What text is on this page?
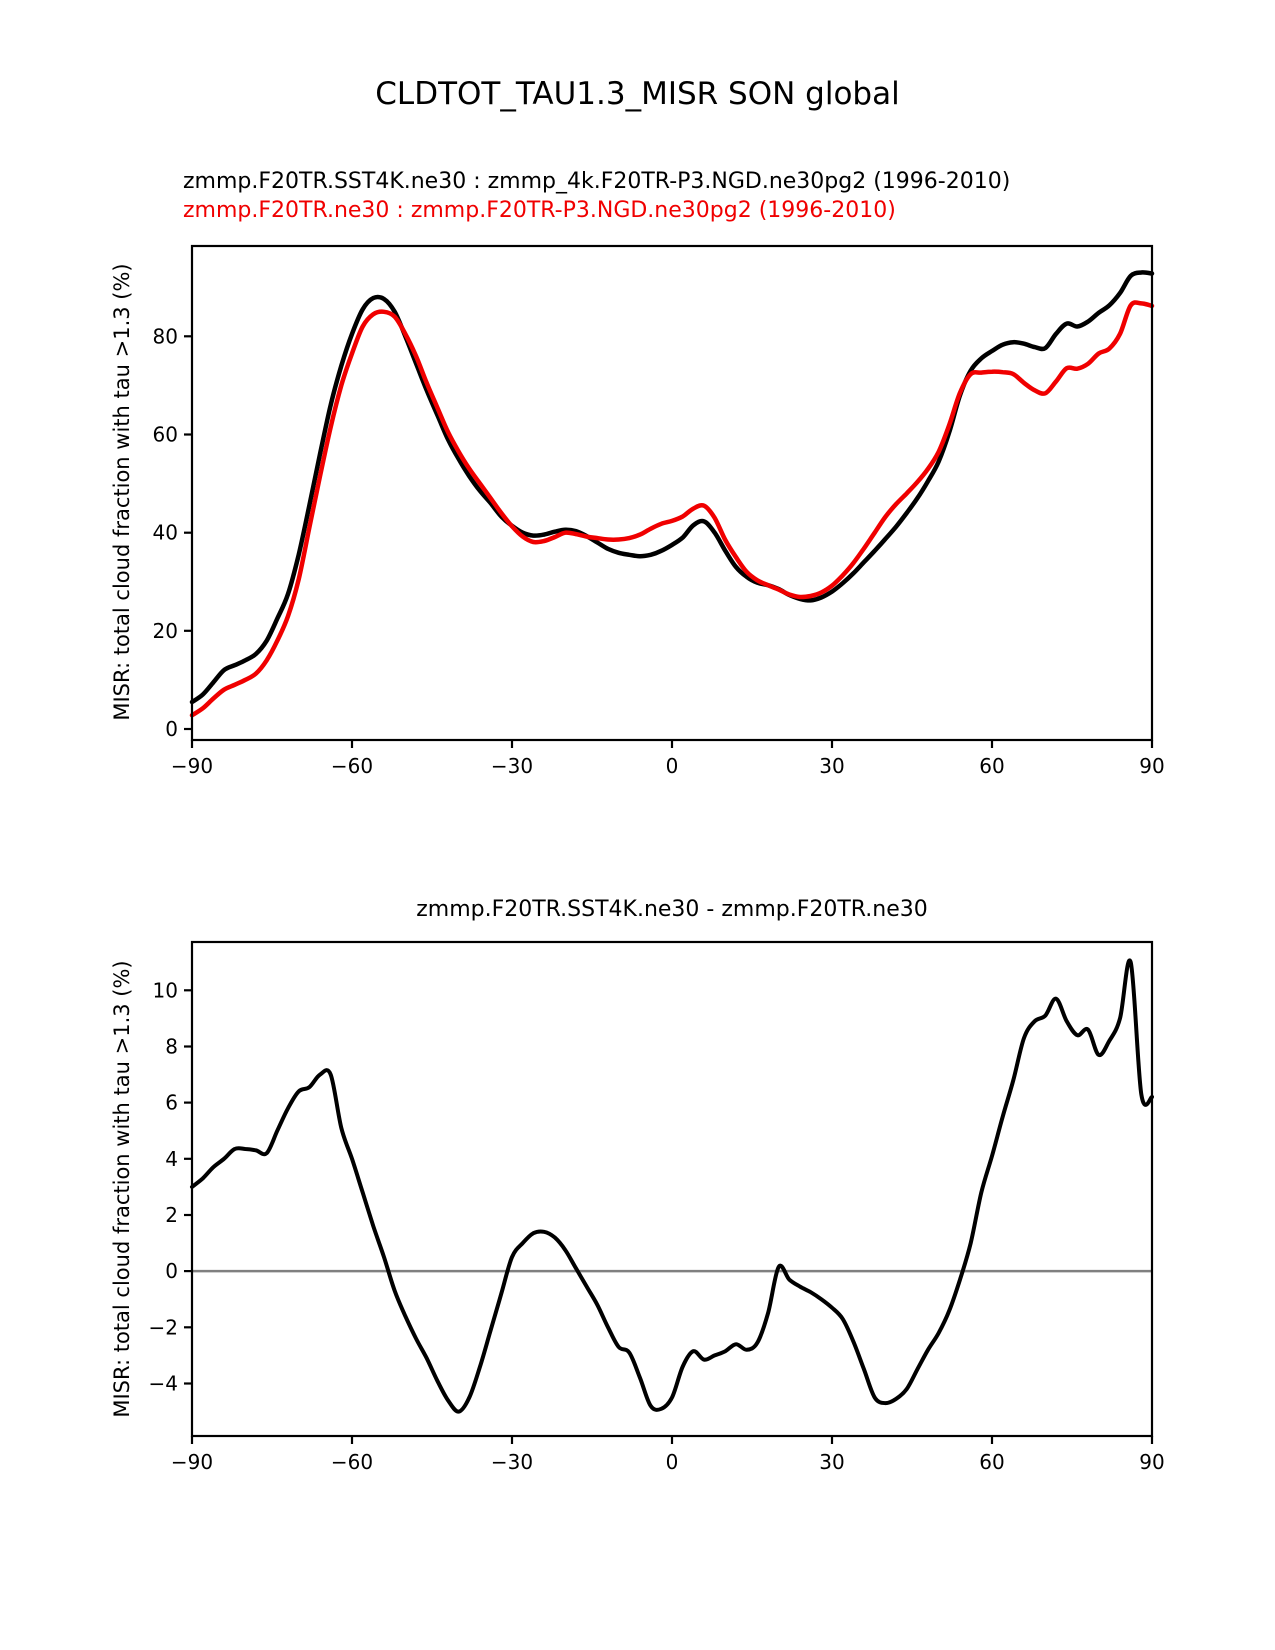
CLDTOT_TAU1.3_MISR SON global
zmmp.F20TR.SST4K.ne30 : zmmp_4k.F20TR-P3.NGD.ne30pg2 (1996-2010)
zmmp.F20TR.ne30 : zmmp.F20TR-P3.NGD.ne30pg2 (1996-2010)
zmmp.F20TR.SST4K.ne30 - zmmp.F20TR.ne30
MISR: total cloud fraction with tau >1.3 (%)
MISR: total cloud fraction with tau >1.3 (%)
−90	−60	−30	0	30	60	90
0
20
40
60
80
−90	−60	−30	0	30	60	90
−4
−2
0
2
4
6
8
10
